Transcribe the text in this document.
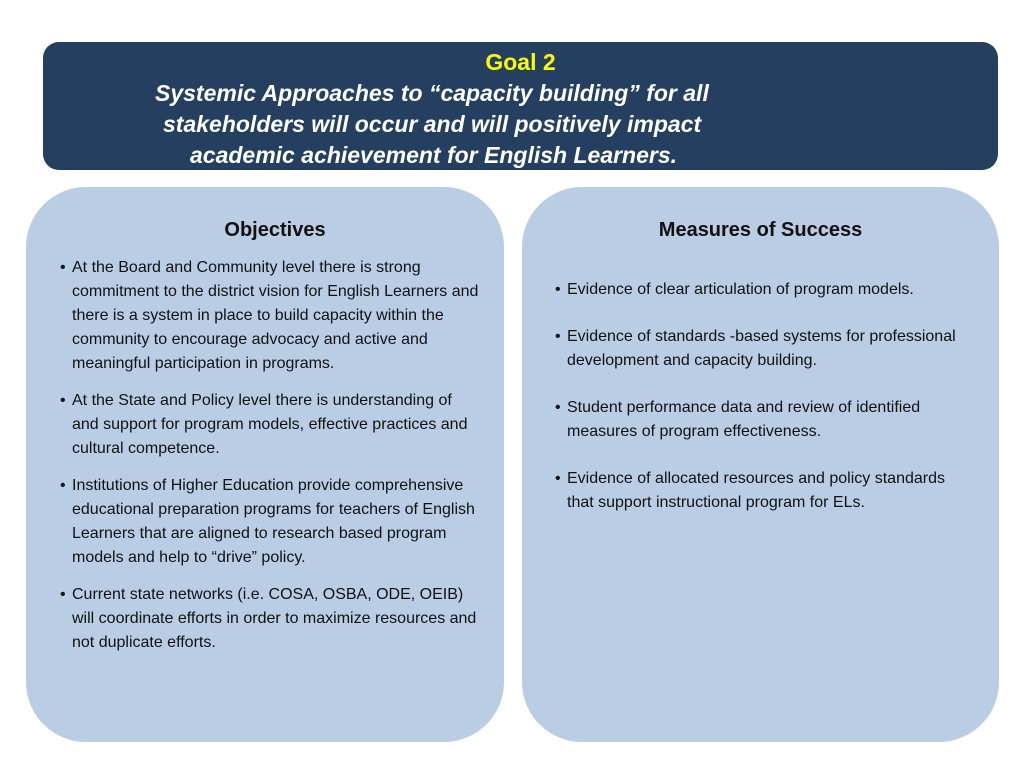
Goal 2
Systemic Approaches to “capacity building” for all
stakeholders will occur and will positively impact
academic achievement for English Learners.
Objectives
• At the Board and Community level there is strong commitment to the district vision for English Learners and there is a system in place to build capacity within the community to encourage advocacy and active and meaningful participation in programs.
• At the State and Policy level there is understanding of and support for program models, effective practices and cultural competence.
• Institutions of Higher Education provide comprehensive educational preparation programs for teachers of English Learners that are aligned to research based program models and help to “drive” policy.
• Current state networks (i.e. COSA, OSBA, ODE, OEIB) will coordinate efforts in order to maximize resources and not duplicate efforts.
Measures of Success
• Evidence of clear articulation of program models.
• Evidence of standards -based systems for professional development and capacity building.
• Student performance data and review of identified measures of program effectiveness.
• Evidence of allocated resources and policy standards that support instructional program for ELs.
